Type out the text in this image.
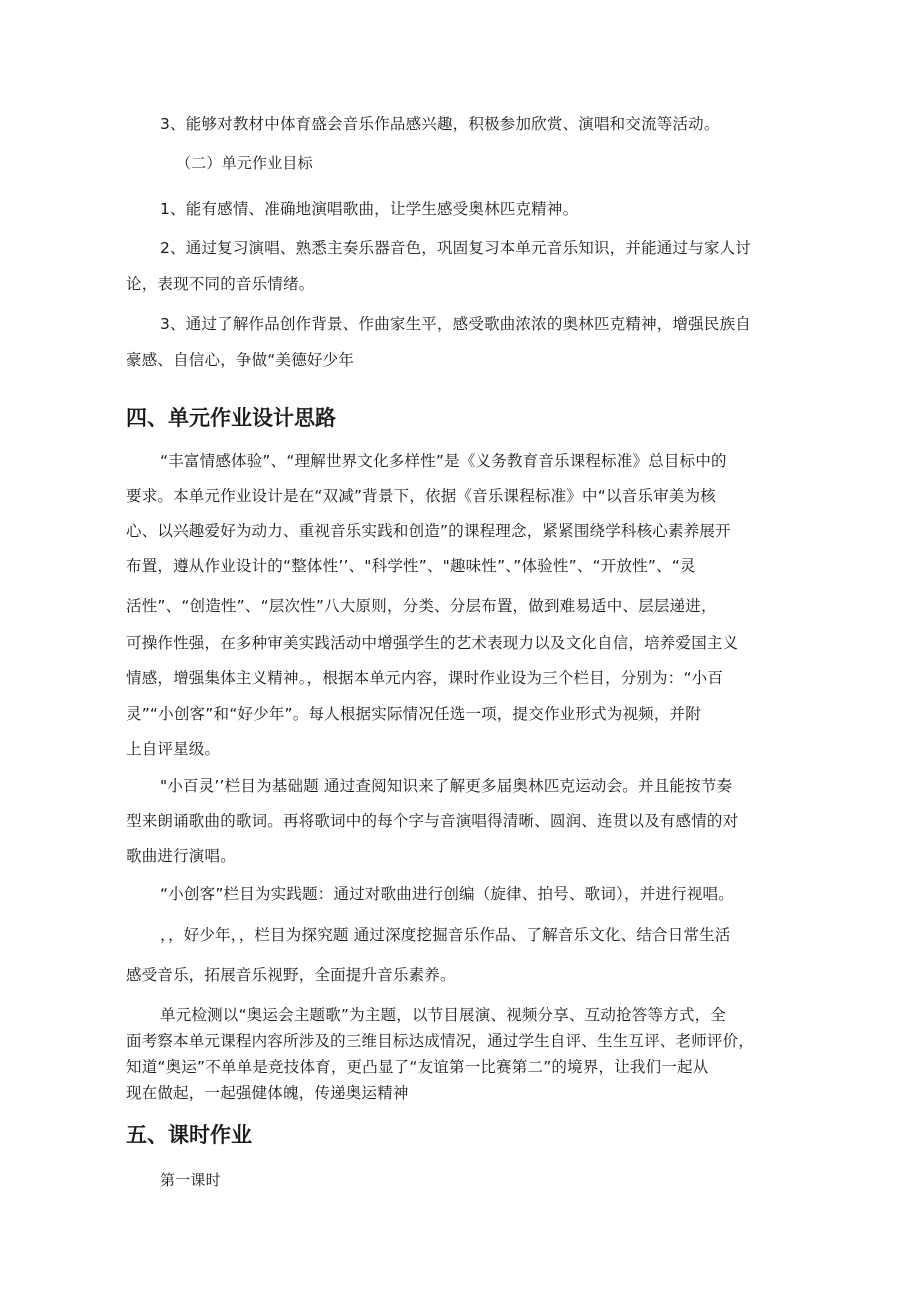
3、能够对教材中体育盛会音乐作品感兴趣，积极参加欣赏、演唱和交流等活动。
（二）单元作业目标
1、能有感情、准确地演唱歌曲，让学生感受奥林匹克精神。
2、通过复习演唱、熟悉主奏乐器音色，巩固复习本单元音乐知识，并能通过与家人讨
论，表现不同的音乐情绪。
3、通过了解作品创作背景、作曲家生平，感受歌曲浓浓的奥林匹克精神，增强民族自
豪感、自信心，争做“美德好少年
四、单元作业设计思路
“丰富情感体验”、“理解世界文化多样性”是《义务教育音乐课程标准》总目标中的
要求。本单元作业设计是在“双减”背景下，依据《音乐课程标准》中“以音乐审美为核
心、以兴趣爱好为动力、重视音乐实践和创造”的课程理念，紧紧围绕学科核心素养展开
布置，遵从作业设计的“整体性’’、"科学性”、"趣味性”、”体验性”、“开放性”、“灵
活性”、“创造性”、“层次性”八大原则，分类、分层布置，做到难易适中、层层递进，
可操作性强，在多种审美实践活动中增强学生的艺术表现力以及文化自信，培养爱国主义
情感，增强集体主义精神。，根据本单元内容，课时作业设为三个栏目，分别为：“小百
灵”“小创客”和“好少年”。每人根据实际情况任选一项，提交作业形式为视频，并附
上自评星级。
"小百灵’’栏目为基础题 通过查阅知识来了解更多届奥林匹克运动会。并且能按节奏
型来朗诵歌曲的歌词。再将歌词中的每个字与音演唱得清晰、圆润、连贯以及有感情的对
歌曲进行演唱。
“小创客”栏目为实践题：通过对歌曲进行创编（旋律、拍号、歌词），并进行视唱。
，，好少年，，栏目为探究题 通过深度挖掘音乐作品、了解音乐文化、结合日常生活
感受音乐，拓展音乐视野，全面提升音乐素养。
单元检测以“奥运会主题歌”为主题，以节目展演、视频分享、互动抢答等方式，全
面考察本单元课程内容所涉及的三维目标达成情况，通过学生自评、生生互评、老师评价，
知道“奥运”不单单是竞技体育，更凸显了“友谊第一比赛第二”的境界，让我们一起从
现在做起，一起强健体魄，传递奥运精神
五、课时作业
第一课时
